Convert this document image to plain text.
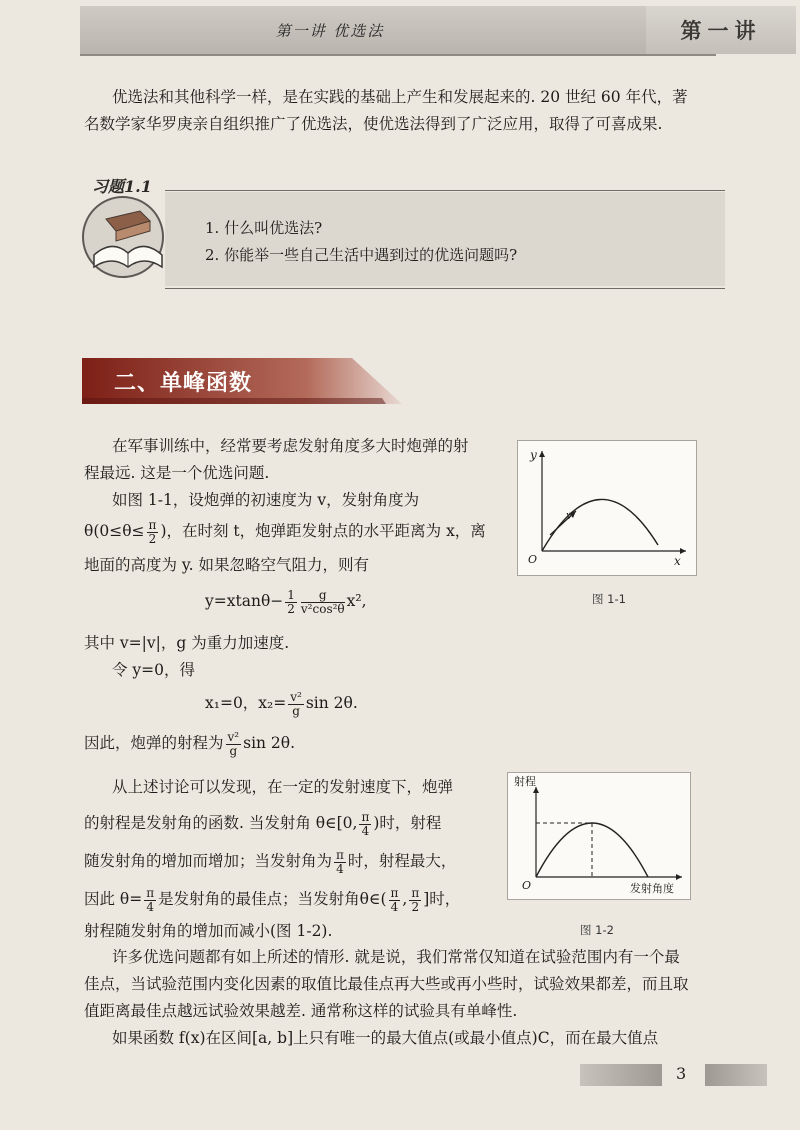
第一讲 优选法	第一讲
优选法和其他科学一样，是在实践的基础上产生和发展起来的. 20 世纪 60 年代，著
名数学家华罗庚亲自组织推广了优选法，使优选法得到了广泛应用，取得了可喜成果.
习题1.1
1. 什么叫优选法?
2. 你能举一些自己生活中遇到过的优选问题吗?
二、单峰函数
在军事训练中，经常要考虑发射角度多大时炮弹的射
程最远. 这是一个优选问题.
如图 1-1，设炮弹的初速度为 v，发射角度为
$\theta(0\le\theta\le \frac{\pi}{2}$ )，在时刻 t，炮弹距发射点的水平距离为 x，离
地面的高度为 y. 如果忽略空气阻力，则有
$y=xtan\theta- \frac{1}{2} \frac{g}{\text{v²cos²θ}} x^2$,
其中 v=|v|，g 为重力加速度.
令 y=0，得
x₁=0，$x_2= \frac{\text{v²}}{g}$ sin 2θ.
因此，炮弹的射程为 $\frac{\text{v²}}{g}$ sin 2θ.
y
x
O
v
图 1-1
从上述讨论可以发现，在一定的发射速度下，炮弹
的射程是发射角的函数. 当发射角 θ∈[0, $\frac{\pi}{4}$ )时，射程
随发射角的增加而增加；当发射角为 $\frac{\pi}{4}$ 时，射程最大，
因此 $\theta= \frac{\pi}{4}$ 是发射角的最佳点；当发射角θ∈( $\frac{\pi}{4}$ , $\frac{\pi}{2}$ ]时，
射程随发射角的增加而减小(图 1-2).
射程
发射角度
O
图 1-2
许多优选问题都有如上所述的情形. 就是说，我们常常仅知道在试验范围内有一个最
佳点，当试验范围内变化因素的取值比最佳点再大些或再小些时，试验效果都差，而且取
值距离最佳点越远试验效果越差. 通常称这样的试验具有单峰性.
如果函数 f(x)在区间[a, b]上只有唯一的最大值点(或最小值点)C，而在最大值点
3
